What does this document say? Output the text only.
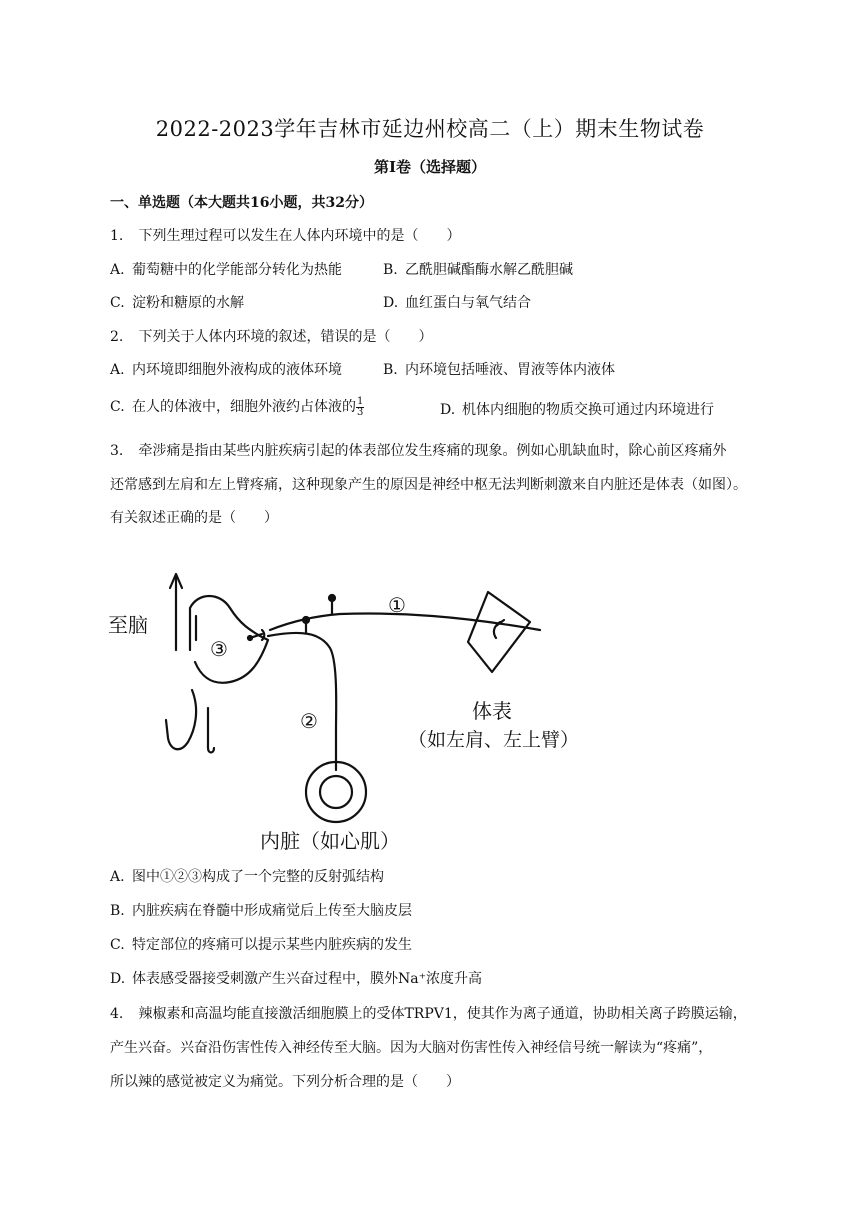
2022-2023学年吉林市延边州校高二（上）期末生物试卷
第I卷（选择题）
一、单选题（本大题共16小题，共32分）
1. 下列生理过程可以发生在人体内环境中的是（　　）
A. 葡萄糖中的化学能部分转化为热能	B. 乙酰胆碱酯酶水解乙酰胆碱
C. 淀粉和糖原的水解	D. 血红蛋白与氧气结合
2. 下列关于人体内环境的叙述，错误的是（　　）
A. 内环境即细胞外液构成的液体环境	B. 内环境包括唾液、胃液等体内液体
C. 在人的体液中，细胞外液约占体液的 $\frac{1}{3}$	D. 机体内细胞的物质交换可通过内环境进行
3. 牵涉痛是指由某些内脏疾病引起的体表部位发生疼痛的现象。例如心肌缺血时，除心前区疼痛外
还常感到左肩和左上臂疼痛，这种现象产生的原因是神经中枢无法判断刺激来自内脏还是体表（如图）。
有关叙述正确的是（　　）
至脑
③
①
②	体表
（如左肩、左上臂）
内脏（如心肌）
A. 图中①②③构成了一个完整的反射弧结构
B. 内脏疾病在脊髓中形成痛觉后上传至大脑皮层
C. 特定部位的疼痛可以提示某些内脏疾病的发生
D. 体表感受器接受刺激产生兴奋过程中，膜外Na⁺浓度升高
4. 辣椒素和高温均能直接激活细胞膜上的受体TRPV1，使其作为离子通道，协助相关离子跨膜运输，
产生兴奋。兴奋沿伤害性传入神经传至大脑。因为大脑对伤害性传入神经信号统一解读为“疼痛”，
所以辣的感觉被定义为痛觉。下列分析合理的是（　　）
